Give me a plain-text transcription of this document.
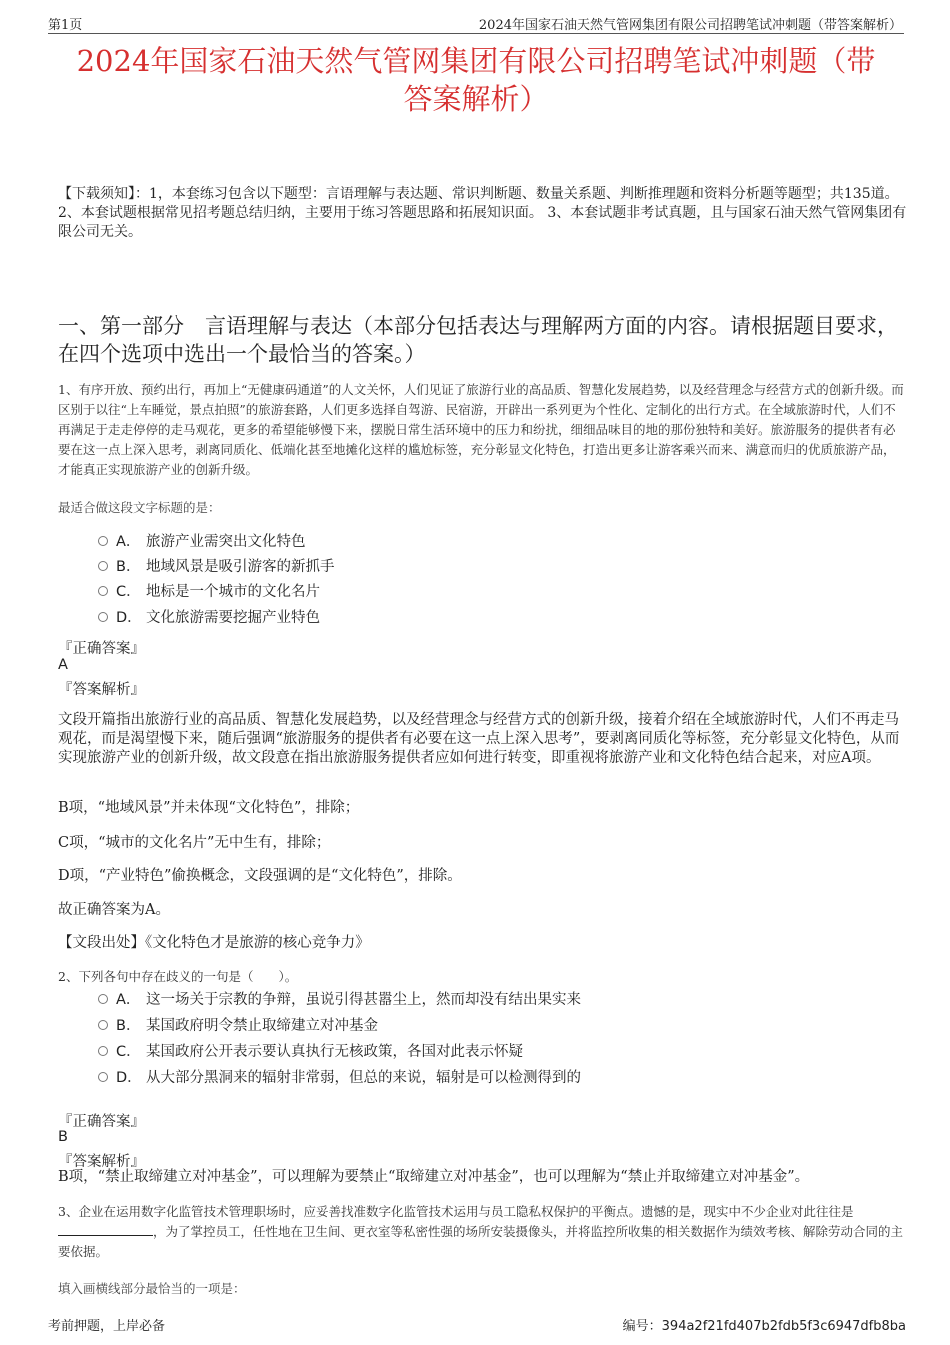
第1页	2024年国家石油天然气管网集团有限公司招聘笔试冲刺题（带答案解析）
2024年国家石油天然气管网集团有限公司招聘笔试冲刺题（带
答案解析）
【下载须知】：1，本套练习包含以下题型：言语理解与表达题、常识判断题、数量关系题、判断推理题和资料分析题等题型；共135道。 2、本套试题根据常见招考题总结归纳，主要用于练习答题思路和拓展知识面。 3、本套试题非考试真题，且与国家石油天然气管网集团有限公司无关。
一、第一部分　言语理解与表达（本部分包括表达与理解两方面的内容。请根据题目要求，在四个选项中选出一个最恰当的答案。）
1、有序开放、预约出行，再加上“无健康码通道”的人文关怀，人们见证了旅游行业的高品质、智慧化发展趋势，以及经营理念与经营方式的创新升级。而区别于以往“上车睡觉，景点拍照”的旅游套路，人们更多选择自驾游、民宿游，开辟出一系列更为个性化、定制化的出行方式。在全域旅游时代，人们不再满足于走走停停的走马观花，更多的希望能够慢下来，摆脱日常生活环境中的压力和纷扰，细细品味目的地的那份独特和美好。旅游服务的提供者有必要在这一点上深入思考，剥离同质化、低端化甚至地摊化这样的尴尬标签，充分彰显文化特色，打造出更多让游客乘兴而来、满意而归的优质旅游产品，才能真正实现旅游产业的创新升级。
最适合做这段文字标题的是：
A． 旅游产业需突出文化特色
B． 地域风景是吸引游客的新抓手
C． 地标是一个城市的文化名片
D． 文化旅游需要挖掘产业特色
『正确答案』
A
『答案解析』
文段开篇指出旅游行业的高品质、智慧化发展趋势，以及经营理念与经营方式的创新升级，接着介绍在全域旅游时代，人们不再走马观花，而是渴望慢下来，随后强调“旅游服务的提供者有必要在这一点上深入思考”，要剥离同质化等标签，充分彰显文化特色，从而实现旅游产业的创新升级，故文段意在指出旅游服务提供者应如何进行转变，即重视将旅游产业和文化特色结合起来，对应A项。
B项，“地域风景”并未体现“文化特色”，排除；
C项，“城市的文化名片”无中生有，排除；
D项，“产业特色”偷换概念，文段强调的是“文化特色”，排除。
故正确答案为A。
【文段出处】《文化特色才是旅游的核心竞争力》
2、下列各句中存在歧义的一句是（　　）。
A． 这一场关于宗教的争辩，虽说引得甚嚣尘上，然而却没有结出果实来
B． 某国政府明令禁止取缔建立对冲基金
C． 某国政府公开表示要认真执行无核政策，各国对此表示怀疑
D． 从大部分黑洞来的辐射非常弱，但总的来说，辐射是可以检测得到的
『正确答案』
B
『答案解析』
B项，“禁止取缔建立对冲基金”，可以理解为要禁止“取缔建立对冲基金”，也可以理解为“禁止并取缔建立对冲基金”。
3、企业在运用数字化监管技术管理职场时，应妥善找准数字化监管技术运用与员工隐私权保护的平衡点。遗憾的是，现实中不少企业对此往往是，为了掌控员工，任性地在卫生间、更衣室等私密性强的场所安装摄像头，并将监控所收集的相关数据作为绩效考核、解除劳动合同的主要依据。
填入画横线部分最恰当的一项是：
考前押题，上岸必备	编号：394a2f21fd407b2fdb5f3c6947dfb8ba
